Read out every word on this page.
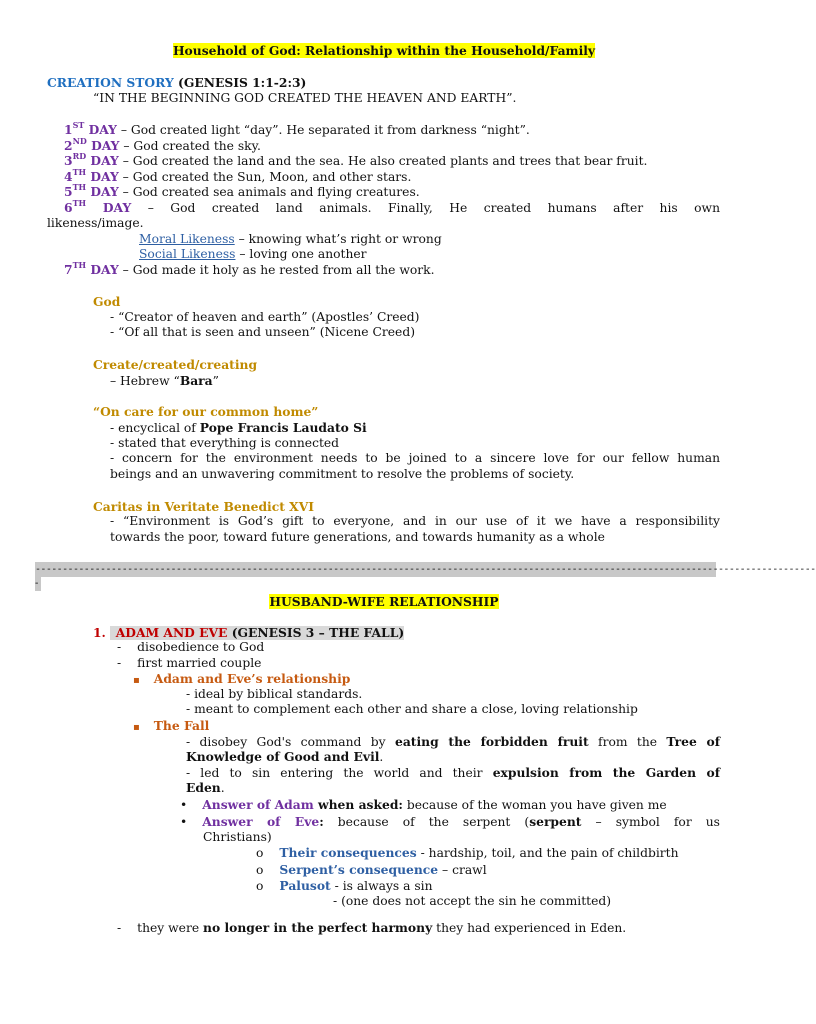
Household of God: Relationship within the Household/Family
CREATION STORY (GENESIS 1:1-2:3)
“IN THE BEGINNING GOD CREATED THE HEAVEN AND EARTH”.
1ST DAY – God created light “day”. He separated it from darkness “night”.
2ND DAY – God created the sky.
3RD DAY – God created the land and the sea. He also created plants and trees that bear fruit.
4TH DAY – God created the Sun, Moon, and other stars.
5TH DAY – God created sea animals and flying creatures.
6TH DAY – God created land animals. Finally, He created humans after his own
likeness/image.
Moral Likeness – knowing what’s right or wrong
Social Likeness – loving one another
7TH DAY – God made it holy as he rested from all the work.
God
- “Creator of heaven and earth” (Apostles’ Creed)
- “Of all that is seen and unseen” (Nicene Creed)
Create/created/creating
– Hebrew “Bara”
“On care for our common home”
- encyclical of Pope Francis Laudato Si
- stated that everything is connected
- concern for the environment needs to be joined to a sincere love for our fellow human
beings and an unwavering commitment to resolve the problems of society.
Caritas in Veritate Benedict XVI
- “Environment is God’s gift to everyone, and in our use of it we have a responsibility
towards the poor, toward future generations, and towards humanity as a whole
------------------------------------------------------------------------------------------------------------------------------------------------
-
HUSBAND-WIFE RELATIONSHIP
1. ADAM AND EVE (GENESIS 3 – THE FALL)
- disobedience to God
- first married couple
▪ Adam and Eve’s relationship
- ideal by biblical standards.
- meant to complement each other and share a close, loving relationship
▪ The Fall
- disobey God's command by eating the forbidden fruit from the Tree of
Knowledge of Good and Evil.
- led to sin entering the world and their expulsion from the Garden of
Eden.
• Answer of Adam when asked: because of the woman you have given me
• Answer of Eve: because of the serpent (serpent – symbol for us
Christians)
o Their consequences - hardship, toil, and the pain of childbirth
o Serpent’s consequence – crawl
o Palusot - is always a sin
- (one does not accept the sin he committed)
- they were no longer in the perfect harmony they had experienced in Eden.
